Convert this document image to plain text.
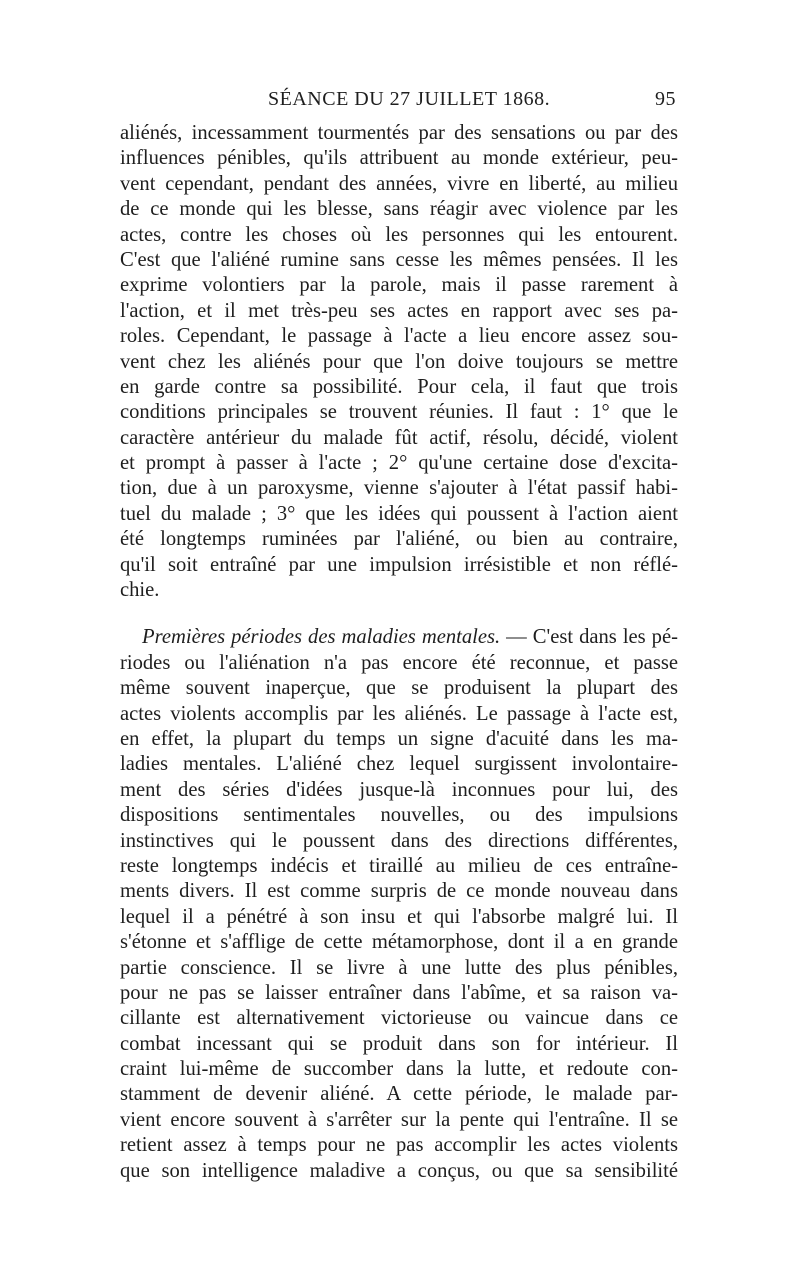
SÉANCE DU 27 JUILLET 1868.	95
aliénés, incessamment tourmentés par des sensations ou par des
influences pénibles, qu'ils attribuent au monde extérieur, peu-
vent cependant, pendant des années, vivre en liberté, au milieu
de ce monde qui les blesse, sans réagir avec violence par les
actes, contre les choses où les personnes qui les entourent.
C'est que l'aliéné rumine sans cesse les mêmes pensées. Il les
exprime volontiers par la parole, mais il passe rarement à
l'action, et il met très-peu ses actes en rapport avec ses pa-
roles. Cependant, le passage à l'acte a lieu encore assez sou-
vent chez les aliénés pour que l'on doive toujours se mettre
en garde contre sa possibilité. Pour cela, il faut que trois
conditions principales se trouvent réunies. Il faut : 1° que le
caractère antérieur du malade fût actif, résolu, décidé, violent
et prompt à passer à l'acte ; 2° qu'une certaine dose d'excita-
tion, due à un paroxysme, vienne s'ajouter à l'état passif habi-
tuel du malade ; 3° que les idées qui poussent à l'action aient
été longtemps ruminées par l'aliéné, ou bien au contraire,
qu'il soit entraîné par une impulsion irrésistible et non réflé-
chie.
Premières périodes des maladies mentales. — C'est dans les pé-
riodes ou l'aliénation n'a pas encore été reconnue, et passe
même souvent inaperçue, que se produisent la plupart des
actes violents accomplis par les aliénés. Le passage à l'acte est,
en effet, la plupart du temps un signe d'acuité dans les ma-
ladies mentales. L'aliéné chez lequel surgissent involontaire-
ment des séries d'idées jusque-là inconnues pour lui, des
dispositions sentimentales nouvelles, ou des impulsions
instinctives qui le poussent dans des directions différentes,
reste longtemps indécis et tiraillé au milieu de ces entraîne-
ments divers. Il est comme surpris de ce monde nouveau dans
lequel il a pénétré à son insu et qui l'absorbe malgré lui. Il
s'étonne et s'afflige de cette métamorphose, dont il a en grande
partie conscience. Il se livre à une lutte des plus pénibles,
pour ne pas se laisser entraîner dans l'abîme, et sa raison va-
cillante est alternativement victorieuse ou vaincue dans ce
combat incessant qui se produit dans son for intérieur. Il
craint lui-même de succomber dans la lutte, et redoute con-
stamment de devenir aliéné. A cette période, le malade par-
vient encore souvent à s'arrêter sur la pente qui l'entraîne. Il se
retient assez à temps pour ne pas accomplir les actes violents
que son intelligence maladive a conçus, ou que sa sensibilité
